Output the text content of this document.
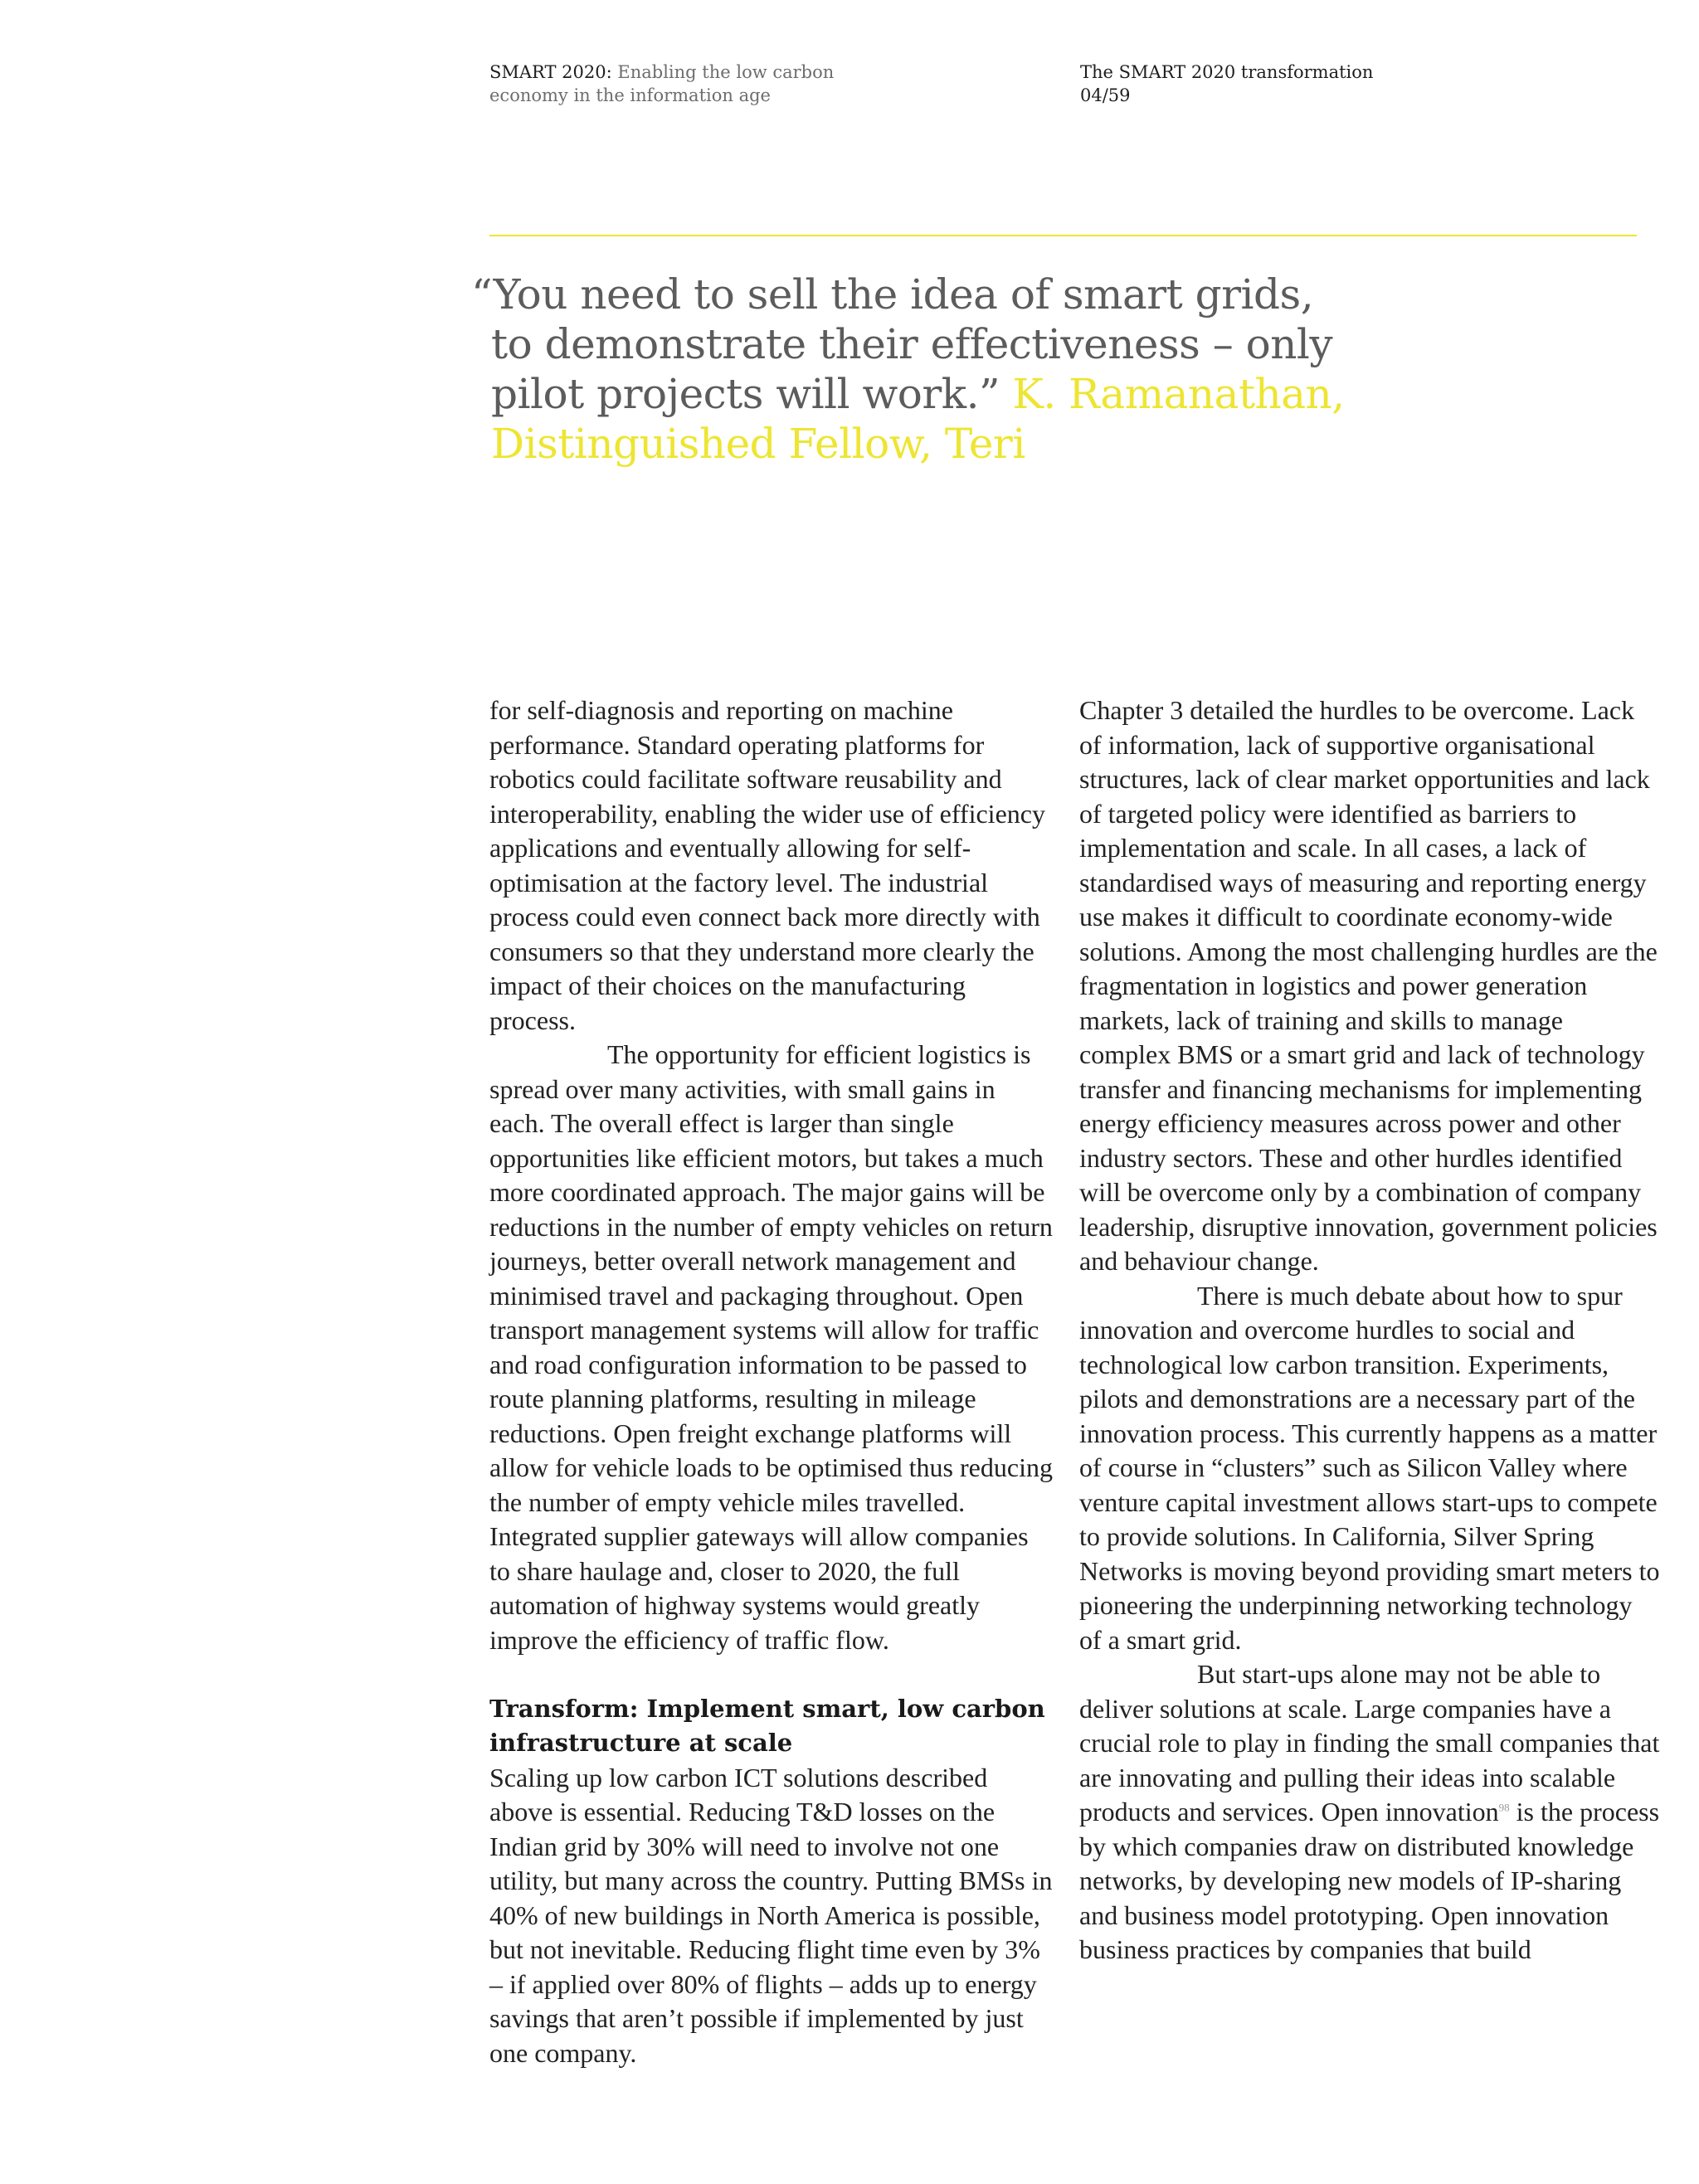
SMART 2020: Enabling the low carbon economy in the information age
The SMART 2020 transformation
04/59
“You need to sell the idea of smart grids,
to demonstrate their effectiveness – only
pilot projects will work.” K. Ramanathan,
Distinguished Fellow, Teri

for self-diagnosis and reporting on machine performance. Standard operating platforms for robotics could facilitate software reusability and interoperability, enabling the wider use of efficiency applications and eventually allowing for self-optimisation at the factory level. The industrial process could even connect back more directly with consumers so that they understand more clearly the impact of their choices on the manufacturing process.

The opportunity for efficient logistics is spread over many activities, with small gains in each. The overall effect is larger than single opportunities like efficient motors, but takes a much more coordinated approach. The major gains will be reductions in the number of empty vehicles on return journeys, better overall network management and minimised travel and packaging throughout. Open transport management systems will allow for traffic and road configuration information to be passed to route planning platforms, resulting in mileage reductions. Open freight exchange platforms will allow for vehicle loads to be optimised thus reducing the number of empty vehicle miles travelled. Integrated supplier gateways will allow companies to share haulage and, closer to 2020, the full automation of highway systems would greatly improve the efficiency of traffic flow.

Transform: Implement smart, low carbon infrastructure at scale

Scaling up low carbon ICT solutions described above is essential. Reducing T&D losses on the Indian grid by 30% will need to involve not one utility, but many across the country. Putting BMSs in 40% of new buildings in North America is possible, but not inevitable. Reducing flight time even by 3% – if applied over 80% of flights – adds up to energy savings that aren’t possible if implemented by just one company.

Chapter 3 detailed the hurdles to be overcome. Lack of information, lack of supportive organisational structures, lack of clear market opportunities and lack of targeted policy were identified as barriers to implementation and scale. In all cases, a lack of standardised ways of measuring and reporting energy use makes it difficult to coordinate economy-wide solutions. Among the most challenging hurdles are the fragmentation in logistics and power generation markets, lack of training and skills to manage complex BMS or a smart grid and lack of technology transfer and financing mechanisms for implementing energy efficiency measures across power and other industry sectors. These and other hurdles identified will be overcome only by a combination of company leadership, disruptive innovation, government policies and behaviour change.

There is much debate about how to spur innovation and overcome hurdles to social and technological low carbon transition. Experiments, pilots and demonstrations are a necessary part of the innovation process. This currently happens as a matter of course in “clusters” such as Silicon Valley where venture capital investment allows start-ups to compete to provide solutions. In California, Silver Spring Networks is moving beyond providing smart meters to pioneering the underpinning networking technology of a smart grid.

But start-ups alone may not be able to deliver solutions at scale. Large companies have a crucial role to play in finding the small companies that are innovating and pulling their ideas into scalable products and services. Open innovation$^{98}$ is the process by which companies draw on distributed knowledge networks, by developing new models of IP-sharing and business model prototyping. Open innovation business practices by companies that build
